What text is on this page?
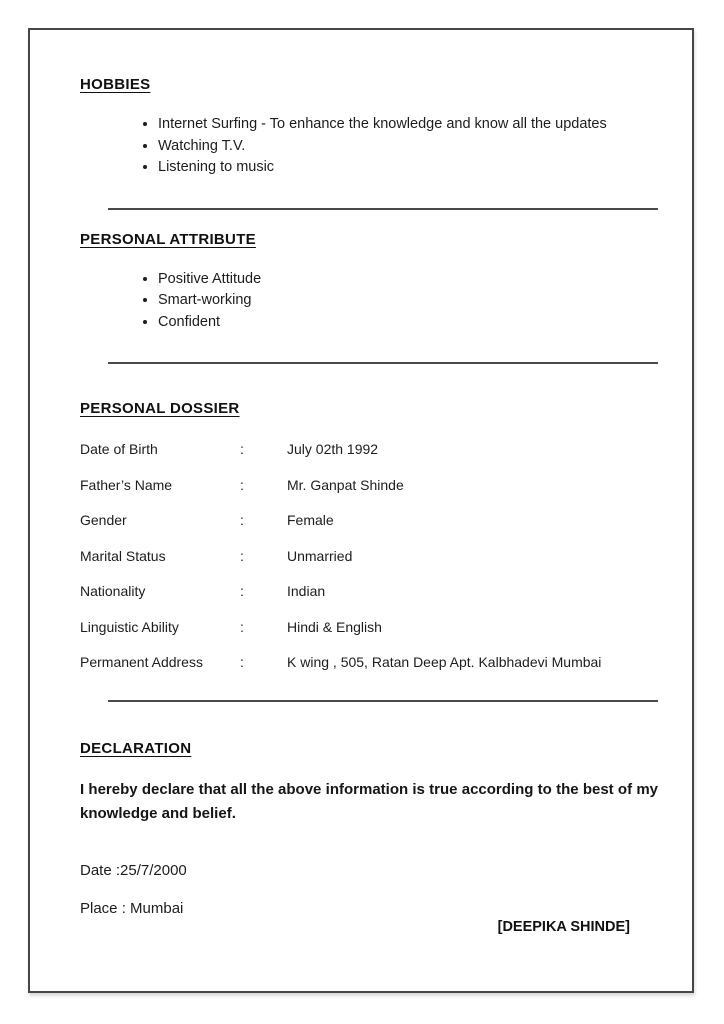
HOBBIES
• Internet Surfing - To enhance the knowledge and know all the updates
• Watching T.V.
• Listening to music
PERSONAL ATTRIBUTE
• Positive Attitude
• Smart-working
• Confident
PERSONAL DOSSIER
Date of Birth	:	July 02th 1992
Father’s Name	:	Mr. Ganpat Shinde
Gender	:	Female
Marital Status	:	Unmarried
Nationality	:	Indian
Linguistic Ability	:	Hindi & English
Permanent Address	:	K wing , 505, Ratan Deep Apt. Kalbhadevi Mumbai
DECLARATION

I hereby declare that all the above information is true according to the best of my knowledge and belief.

Date :25/7/2000
Place : Mumbai
[DEEPIKA SHINDE]
